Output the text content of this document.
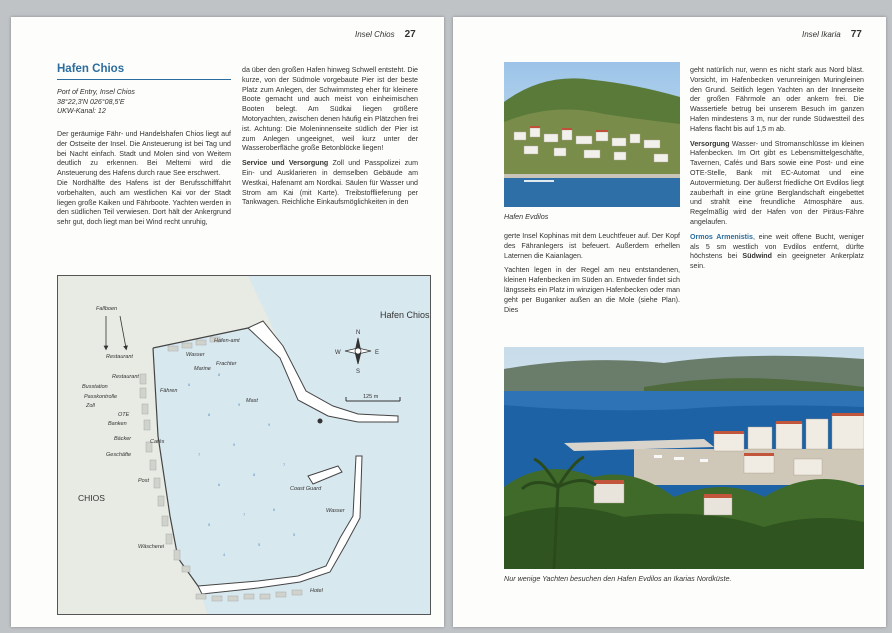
Insel Chios 27
Hafen Chios
Port of Entry, Insel Chios
38°22,3'N 026°08,5'E
UKW-Kanal: 12

Der geräumige Fähr- und Handelshafen Chios liegt auf der Ostseite der Insel. Die Ansteuerung ist bei Tag und bei Nacht einfach. Stadt und Molen sind von Weitem deutlich zu erkennen. Bei Meltemi wird die Ansteuerung des Hafens durch raue See erschwert.

Die Nordhälfte des Hafens ist der Berufsschifffahrt vorbehalten, auch am westlichen Kai vor der Stadt liegen große Kaiken und Fährboote. Yachten werden in den südlichen Teil verwiesen. Dort hält der Ankergrund sehr gut, doch liegt man bei Wind recht unruhig,

da über den großen Hafen hinweg Schwell entsteht. Die kurze, von der Südmole vorgebaute Pier ist der beste Platz zum Anlegen, der Schwimmsteg eher für kleinere Boote gemacht und auch meist von einheimischen Booten belegt. Am Südkai liegen größere Motoryachten, zwischen denen häufig ein Plätzchen frei ist. Achtung: Die Moleninnenseite südlich der Pier ist zum Anlegen ungeeignet, weil kurz unter der Wasseroberfläche große Betonblöcke liegen!

Service und Versorgung Zoll und Passpolizei zum Ein- und Ausklarieren in demselben Gebäude am Westkai, Hafenamt am Nordkai. Säulen für Wasser und Strom am Kai (mit Karte). Treibstofflieferung per Tankwagen. Reichliche Einkaufsmöglichkeiten in den

6
8
8
9
7
9
9
6
8
7
5
7
6
4
5
5
N
S
E
W
125 m
Hafen Chios
CHIOS
Fallboen
Restaurant	Wasser
Hafen-amt
Frachter
Marine
Restaurant
Busstation
Passkontrolle
Zoll
OTE
Banken
Bäcker
Geschäfte
Fähren
Cafés
Mast
Post
Coast Guard
Wasser
Wäscherei
Hotel
Insel Ikaria 77
Hafen Evdilos

gerte Insel Kophinas mit dem Leuchtfeuer auf. Der Kopf des Fähranlegers ist befeuert. Außerdem erhellen Laternen die Kaianlagen.

Yachten legen in der Regel am neu entstandenen, kleinen Hafenbecken im Süden an. Entweder findet sich längsseits ein Platz im winzigen Hafenbecken oder man geht per Buganker außen an die Mole (siehe Plan). Dies

geht natürlich nur, wenn es nicht stark aus Nord bläst. Vorsicht, im Hafenbecken verunreinigen Muringleinen den Grund. Seitlich legen Yachten an der Innenseite der großen Fährmole an oder ankern frei. Die Wassertiefe betrug bei unserem Besuch im ganzen Hafen mindestens 3 m, nur der runde Südwestteil des Hafens flacht bis auf 1,5 m ab.

Versorgung Wasser- und Stromanschlüsse im kleinen Hafenbecken. Im Ort gibt es Lebensmittelgeschäfte, Tavernen, Cafés und Bars sowie eine Post- und eine OTE-Stelle, Bank mit EC-Automat und eine Autovermietung. Der äußerst friedliche Ort Evdilos liegt zauberhaft in eine grüne Berglandschaft eingebettet und strahlt eine freundliche Atmosphäre aus. Regelmäßig wird der Hafen von der Piräus-Fähre angelaufen.

Ormos Armenistis, eine weit offene Bucht, weniger als 5 sm westlich von Evdilos entfernt, dürfte höchstens bei Südwind ein geeigneter Ankerplatz sein.

Nur wenige Yachten besuchen den Hafen Evdilos an Ikarias Nordküste.
